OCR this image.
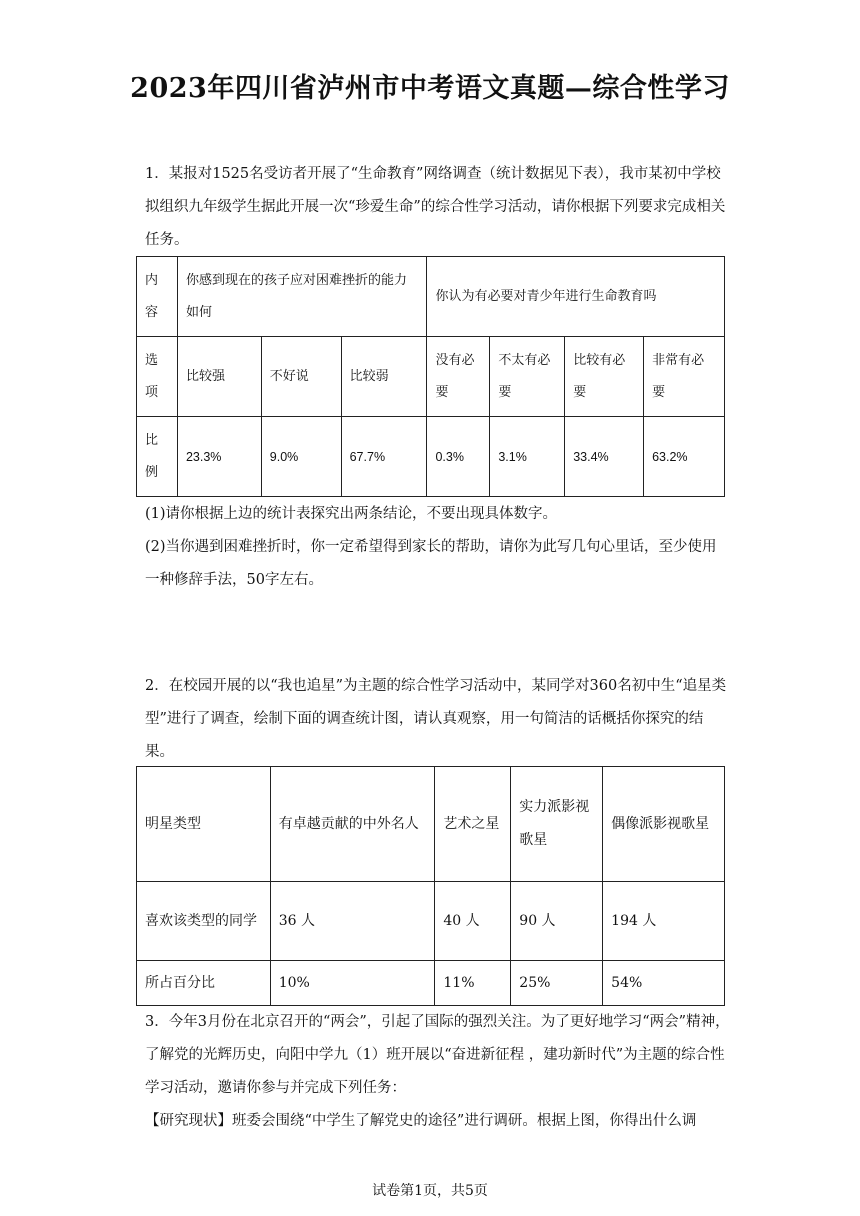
2023年四川省泸州市中考语文真题—综合性学习

1．某报对1525名受访者开展了“生命教育”网络调查（统计数据见下表），我市某初中学校拟组织九年级学生据此开展一次“珍爱生命”的综合性学习活动，请你根据下列要求完成相关任务。

内容	你感到现在的孩子应对困难挫折的能力如何			你认为有必要对青少年进行生命教育吗			
选项	比较强	不好说	比较弱	没有必要	不太有必要	比较有必要	非常有必要
比例	23.3%	9.0%	67.7%	0.3%	3.1%	33.4%	63.2%

(1)请你根据上边的统计表探究出两条结论，不要出现具体数字。

(2)当你遇到困难挫折时，你一定希望得到家长的帮助，请你为此写几句心里话，至少使用一种修辞手法，50字左右。

2．在校园开展的以“我也追星”为主题的综合性学习活动中，某同学对360名初中生“追星类型”进行了调查，绘制下面的调查统计图，请认真观察，用一句简洁的话概括你探究的结果。

明星类型	有卓越贡献的中外名人	艺术之星	实力派影视歌星	偶像派影视歌星
喜欢该类型的同学	36 人	40 人	90 人	194 人
所占百分比	10%	11%	25%	54%

3．今年3月份在北京召开的“两会”，引起了国际的强烈关注。为了更好地学习“两会”精神，了解党的光辉历史，向阳中学九（1）班开展以“奋进新征程 ，建功新时代”为主题的综合性学习活动，邀请你参与并完成下列任务：

【研究现状】班委会围绕“中学生了解党史的途径”进行调研。根据上图，你得出什么调

试卷第1页，共5页
